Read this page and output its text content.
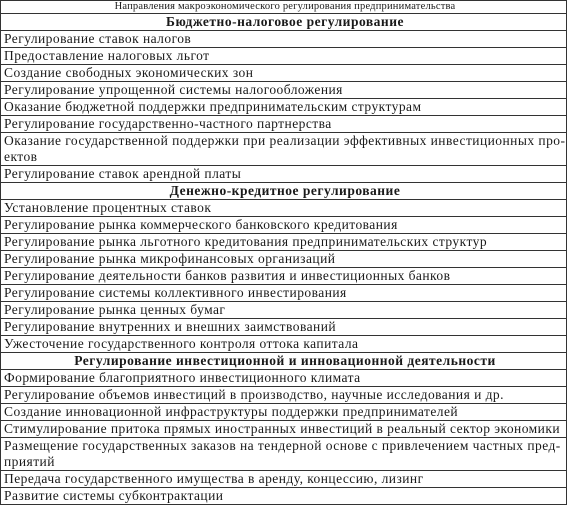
Направления макроэкономического регулирования предпринимательства
Бюджетно-налоговое регулирование
Регулирование ставок налогов
Предоставление налоговых льгот
Создание свободных экономических зон
Регулирование упрощенной системы налогообложения
Оказание бюджетной поддержки предпринимательским структурам
Регулирование государственно-частного партнерства

Оказание государственной поддержки при реализации эффективных инвестиционных про-
ектов

Регулирование ставок арендной платы
Денежно-кредитное регулирование
Установление процентных ставок
Регулирование рынка коммерческого банковского кредитования
Регулирование рынка льготного кредитования предпринимательских структур
Регулирование рынка микрофинансовых организаций
Регулирование деятельности банков развития и инвестиционных банков
Регулирование системы коллективного инвестирования
Регулирование рынка ценных бумаг
Регулирование внутренних и внешних заимствований
Ужесточение государственного контроля оттока капитала
Регулирование инвестиционной и инновационной деятельности
Формирование благоприятного инвестиционного климата
Регулирование объемов инвестиций в производство, научные исследования и др.
Создание инновационной инфраструктуры поддержки предпринимателей
Стимулирование притока прямых иностранных инвестиций в реальный сектор экономики

Размещение государственных заказов на тендерной основе с привлечением частных пред-
приятий

Передача государственного имущества в аренду, концессию, лизинг
Развитие системы субконтрактации
